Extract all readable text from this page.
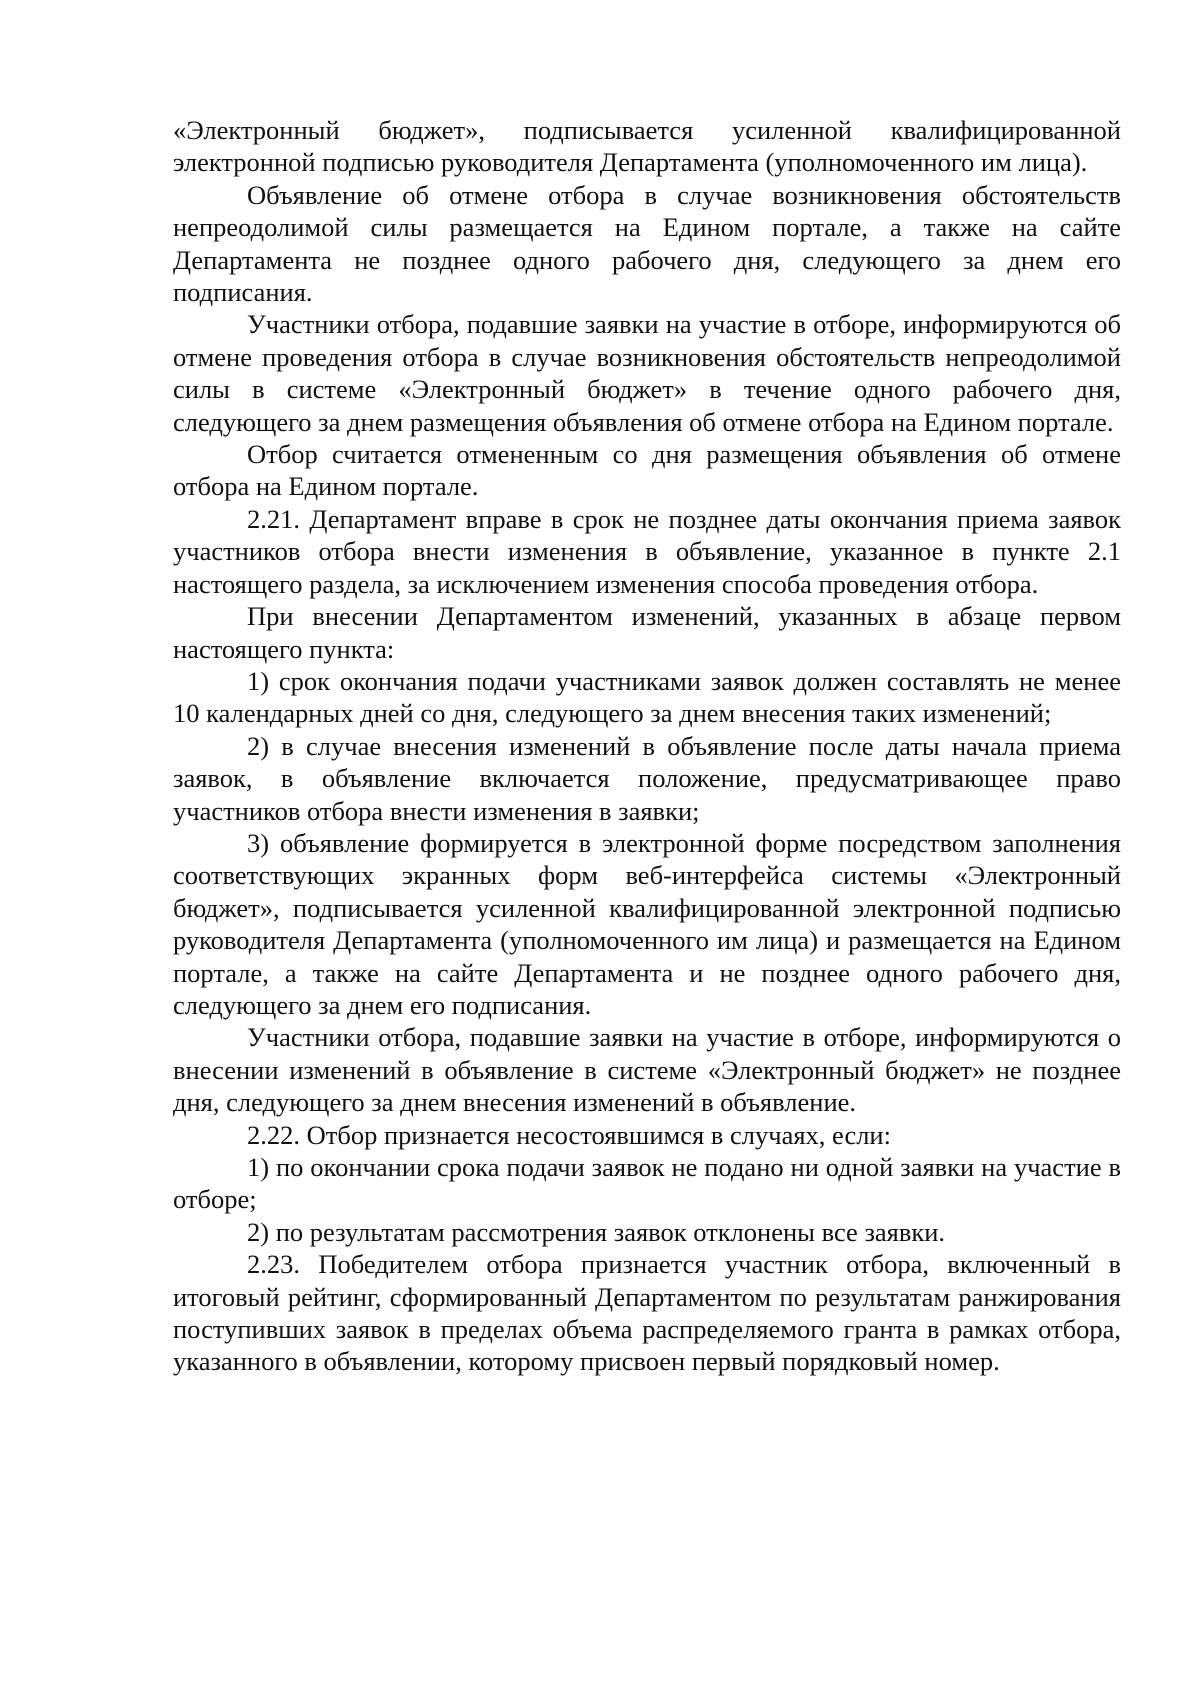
«Электронный бюджет», подписывается усиленной квалифицированной электронной подписью руководителя Департамента (уполномоченного им лица).

Объявление об отмене отбора в случае возникновения обстоятельств непреодолимой силы размещается на Едином портале, а также на сайте Департамента не позднее одного рабочего дня, следующего за днем его подписания.

Участники отбора, подавшие заявки на участие в отборе, информируются об отмене проведения отбора в случае возникновения обстоятельств непреодолимой силы в системе «Электронный бюджет» в течение одного рабочего дня, следующего за днем размещения объявления об отмене отбора на Едином портале.

Отбор считается отмененным со дня размещения объявления об отмене отбора на Едином портале.

2.21. Департамент вправе в срок не позднее даты окончания приема заявок участников отбора внести изменения в объявление, указанное в пункте 2.1 настоящего раздела, за исключением изменения способа проведения отбора.

При внесении Департаментом изменений, указанных в абзаце первом настоящего пункта:

1) срок окончания подачи участниками заявок должен составлять не менее 10 календарных дней со дня, следующего за днем внесения таких изменений;

2) в случае внесения изменений в объявление после даты начала приема заявок, в объявление включается положение, предусматривающее право участников отбора внести изменения в заявки;

3) объявление формируется в электронной форме посредством заполнения соответствующих экранных форм веб-интерфейса системы «Электронный бюджет», подписывается усиленной квалифицированной электронной подписью руководителя Департамента (уполномоченного им лица) и размещается на Едином портале, а также на сайте Департамента и не позднее одного рабочего дня, следующего за днем его подписания.

Участники отбора, подавшие заявки на участие в отборе, информируются о внесении изменений в объявление в системе «Электронный бюджет» не позднее дня, следующего за днем внесения изменений в объявление.

2.22. Отбор признается несостоявшимся в случаях, если:

1) по окончании срока подачи заявок не подано ни одной заявки на участие в отборе;

2) по результатам рассмотрения заявок отклонены все заявки.

2.23. Победителем отбора признается участник отбора, включенный в итоговый рейтинг, сформированный Департаментом по результатам ранжирования поступивших заявок в пределах объема распределяемого гранта в рамках отбора, указанного в объявлении, которому присвоен первый порядковый номер.
